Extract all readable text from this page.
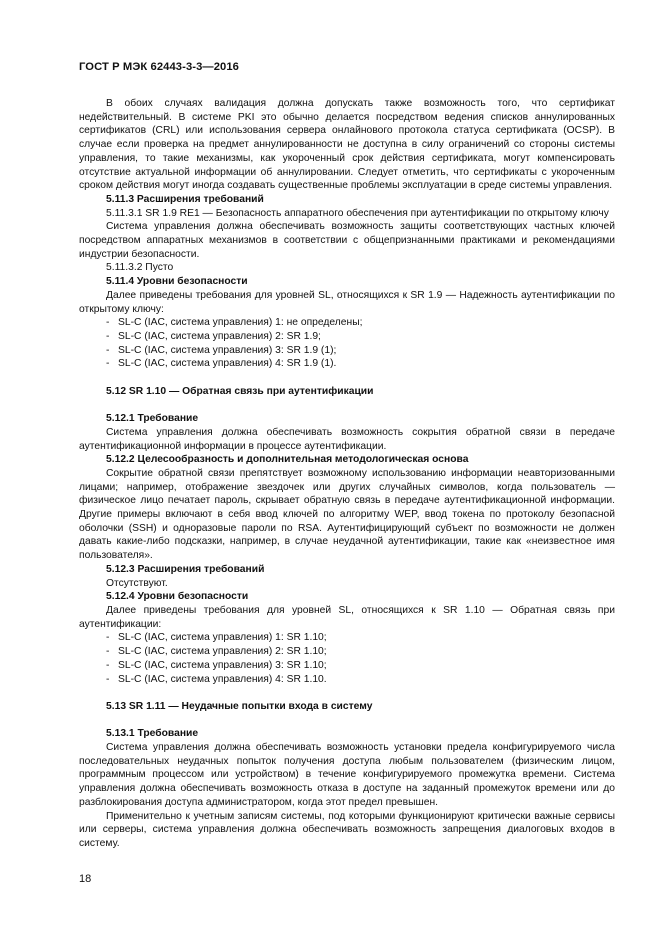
ГОСТ Р МЭК 62443-3-3—2016

В обоих случаях валидация должна допускать также возможность того, что сертификат недействительный. В системе PKI это обычно делается посредством ведения списков аннулированных сертификатов (CRL) или использования сервера онлайнового протокола статуса сертификата (OCSP). В случае если проверка на предмет аннулированности не доступна в силу ограничений со стороны системы управления, то такие механизмы, как укороченный срок действия сертификата, могут компенсировать отсутствие актуальной информации об аннулировании. Следует отметить, что сертификаты с укороченным сроком действия могут иногда создавать существенные проблемы эксплуатации в среде системы управления.

5.11.3 Расширения требований

5.11.3.1 SR 1.9 RE1 — Безопасность аппаратного обеспечения при аутентификации по открытому ключу

Система управления должна обеспечивать возможность защиты соответствующих частных ключей посредством аппаратных механизмов в соответствии с общепризнанными практиками и рекомендациями индустрии безопасности.

5.11.3.2 Пусто

5.11.4 Уровни безопасности

Далее приведены требования для уровней SL, относящихся к SR 1.9 — Надежность аутентификации по открытому ключу:

- SL-C (IAC, система управления) 1: не определены;
- SL-C (IAC, система управления) 2: SR 1.9;
- SL-C (IAC, система управления) 3: SR 1.9 (1);
- SL-C (IAC, система управления) 4: SR 1.9 (1).

5.12 SR 1.10 — Обратная связь при аутентификации

5.12.1 Требование

Система управления должна обеспечивать возможность сокрытия обратной связи в передаче аутентификационной информации в процессе аутентификации.

5.12.2 Целесообразность и дополнительная методологическая основа

Сокрытие обратной связи препятствует возможному использованию информации неавторизованными лицами; например, отображение звездочек или других случайных символов, когда пользователь — физическое лицо печатает пароль, скрывает обратную связь в передаче аутентификационной информации. Другие примеры включают в себя ввод ключей по алгоритму WEP, ввод токена по протоколу безопасной оболочки (SSH) и одноразовые пароли по RSA. Аутентифицирующий субъект по возможности не должен давать какие-либо подсказки, например, в случае неудачной аутентификации, такие как «неизвестное имя пользователя».

5.12.3 Расширения требований

Отсутствуют.

5.12.4 Уровни безопасности

Далее приведены требования для уровней SL, относящихся к SR 1.10 — Обратная связь при аутентификации:

- SL-C (IAC, система управления) 1: SR 1.10;
- SL-C (IAC, система управления) 2: SR 1.10;
- SL-C (IAC, система управления) 3: SR 1.10;
- SL-C (IAC, система управления) 4: SR 1.10.

5.13 SR 1.11 — Неудачные попытки входа в систему

5.13.1 Требование

Система управления должна обеспечивать возможность установки предела конфигурируемого числа последовательных неудачных попыток получения доступа любым пользователем (физическим лицом, программным процессом или устройством) в течение конфигурируемого промежутка времени. Система управления должна обеспечивать возможность отказа в доступе на заданный промежуток времени или до разблокирования доступа администратором, когда этот предел превышен.

Применительно к учетным записям системы, под которыми функционируют критически важные сервисы или серверы, система управления должна обеспечивать возможность запрещения диалоговых входов в систему.

18
